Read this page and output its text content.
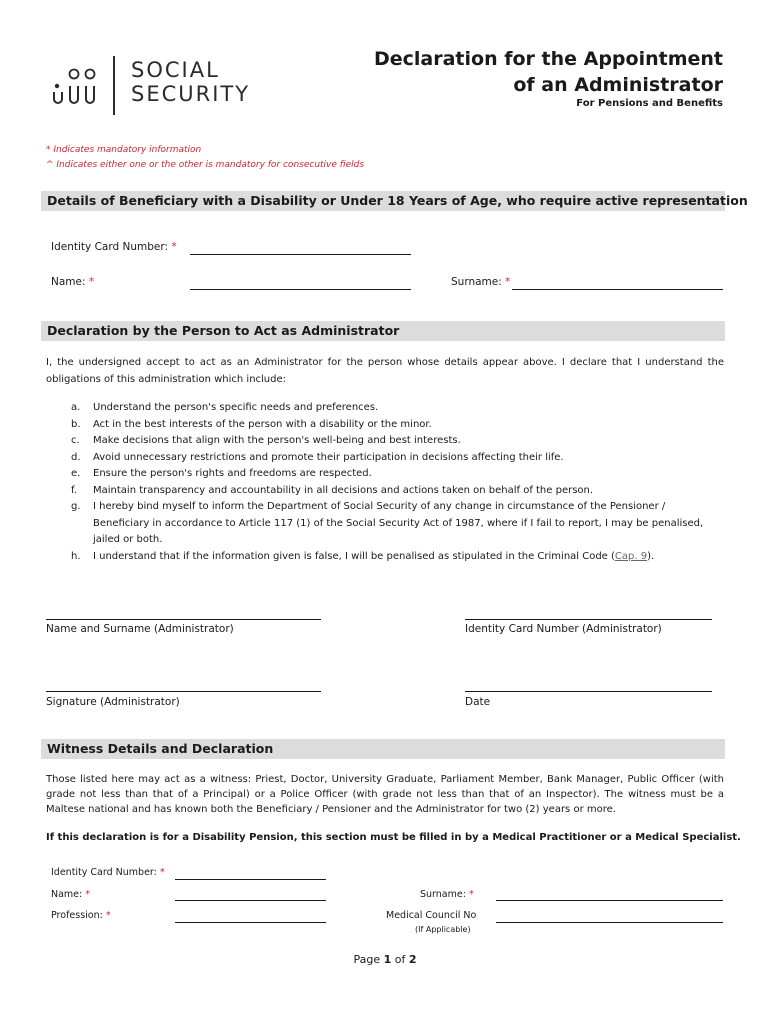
SOCIAL
SECURITY
Declaration for the Appointment
of an Administrator
For Pensions and Benefits
* Indicates mandatory information
^ Indicates either one or the other is mandatory for consecutive fields
Details of Beneficiary with a Disability or Under 18 Years of Age, who require active representation
Identity Card Number: *
Name: *	Surname: *
Declaration by the Person to Act as Administrator
I, the undersigned accept to act as an Administrator for the person whose details appear above. I declare that I understand the obligations of this administration which include:
a.	Understand the person's specific needs and preferences.
b.	Act in the best interests of the person with a disability or the minor.
c.	Make decisions that align with the person's well-being and best interests.
d.	Avoid unnecessary restrictions and promote their participation in decisions affecting their life.
e.	Ensure the person's rights and freedoms are respected.
f.	Maintain transparency and accountability in all decisions and actions taken on behalf of the person.
g.	I hereby bind myself to inform the Department of Social Security of any change in circumstance of the Pensioner / Beneficiary in accordance to Article 117 (1) of the Social Security Act of 1987, where if I fail to report, I may be penalised, jailed or both.
h.	I understand that if the information given is false, I will be penalised as stipulated in the Criminal Code (Cap. 9).
Name and Surname (Administrator)	Identity Card Number (Administrator)
Signature (Administrator)	Date
Witness Details and Declaration
Those listed here may act as a witness: Priest, Doctor, University Graduate, Parliament Member, Bank Manager, Public Officer (with grade not less than that of a Principal) or a Police Officer (with grade not less than that of an Inspector). The witness must be a Maltese national and has known both the Beneficiary / Pensioner and the Administrator for two (2) years or more.
If this declaration is for a Disability Pension, this section must be filled in by a Medical Practitioner or a Medical Specialist.
Identity Card Number: *
Name: *	Surname: *
Profession: *	Medical Council No
(If Applicable)
Page 1 of 2
